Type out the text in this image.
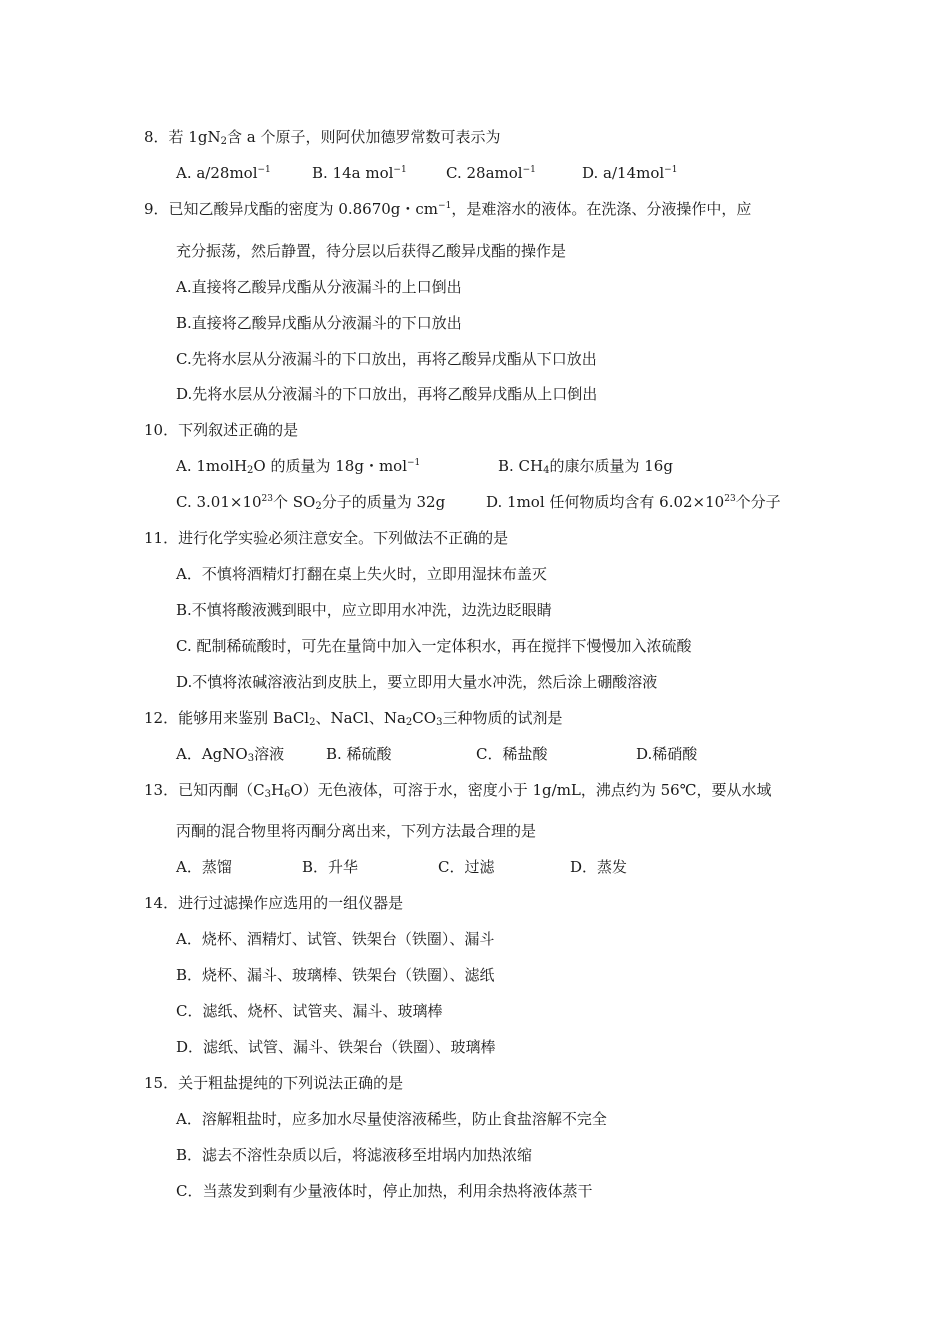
8．若 $1gN_2$含 a 个原子，则阿伏加德罗常数可表示为
A. a/28mol$^{-1}$	B. 14a mol$^{-1}$	C. 28amol$^{-1}$	D. a/14mol$^{-1}$
9．已知乙酸异戊酯的密度为 0.8670g・$cm^{-1}$，是难溶水的液体。在洗涤、分液操作中，应
充分振荡，然后静置，待分层以后获得乙酸异戊酯的操作是
A.直接将乙酸异戊酯从分液漏斗的上口倒出
B.直接将乙酸异戊酯从分液漏斗的下口放出
C.先将水层从分液漏斗的下口放出，再将乙酸异戊酯从下口放出
D.先将水层从分液漏斗的下口放出，再将乙酸异戊酯从上口倒出
10．下列叙述正确的是
A. 1molH$_2$O 的质量为 18g・mol$^{-1}$	B. $CH_4$的康尔质量为 16g
C. $3.01\times 10^{23}$个 $SO_2$分子的质量为 32g	D. 1mol 任何物质均含有 $6.02\times 10^{23}$个分子
11．进行化学实验必须注意安全。下列做法不正确的是
A．不慎将酒精灯打翻在桌上失火时，立即用湿抹布盖灭
B.不慎将酸液溅到眼中，应立即用水冲洗，边洗边眨眼睛
C. 配制稀硫酸时，可先在量筒中加入一定体积水，再在搅拌下慢慢加入浓硫酸
D.不慎将浓碱溶液沾到皮肤上，要立即用大量水冲洗，然后涂上硼酸溶液
12．能够用来鉴别 BaCl$_2$、NaCl、$Na_2CO_3$三种物质的试剂是
A．AgNO$_3$溶液	B. 稀硫酸	C．稀盐酸	D.稀硝酸
13．已知丙酮$(C_3H_6O)$无色液体，可溶于水，密度小于 1g/mL，沸点约为 56℃，要从水域
丙酮的混合物里将丙酮分离出来，下列方法最合理的是
A．蒸馏	B．升华	C．过滤	D．蒸发
14．进行过滤操作应选用的一组仪器是
A．烧杯、酒精灯、试管、铁架台（铁圈）、漏斗
B．烧杯、漏斗、玻璃棒、铁架台（铁圈）、滤纸
C．滤纸、烧杯、试管夹、漏斗、玻璃棒
D．滤纸、试管、漏斗、铁架台（铁圈）、玻璃棒
15．关于粗盐提纯的下列说法正确的是
A．溶解粗盐时，应多加水尽量使溶液稀些，防止食盐溶解不完全
B．滤去不溶性杂质以后，将滤液移至坩埚内加热浓缩
C．当蒸发到剩有少量液体时，停止加热，利用余热将液体蒸干
